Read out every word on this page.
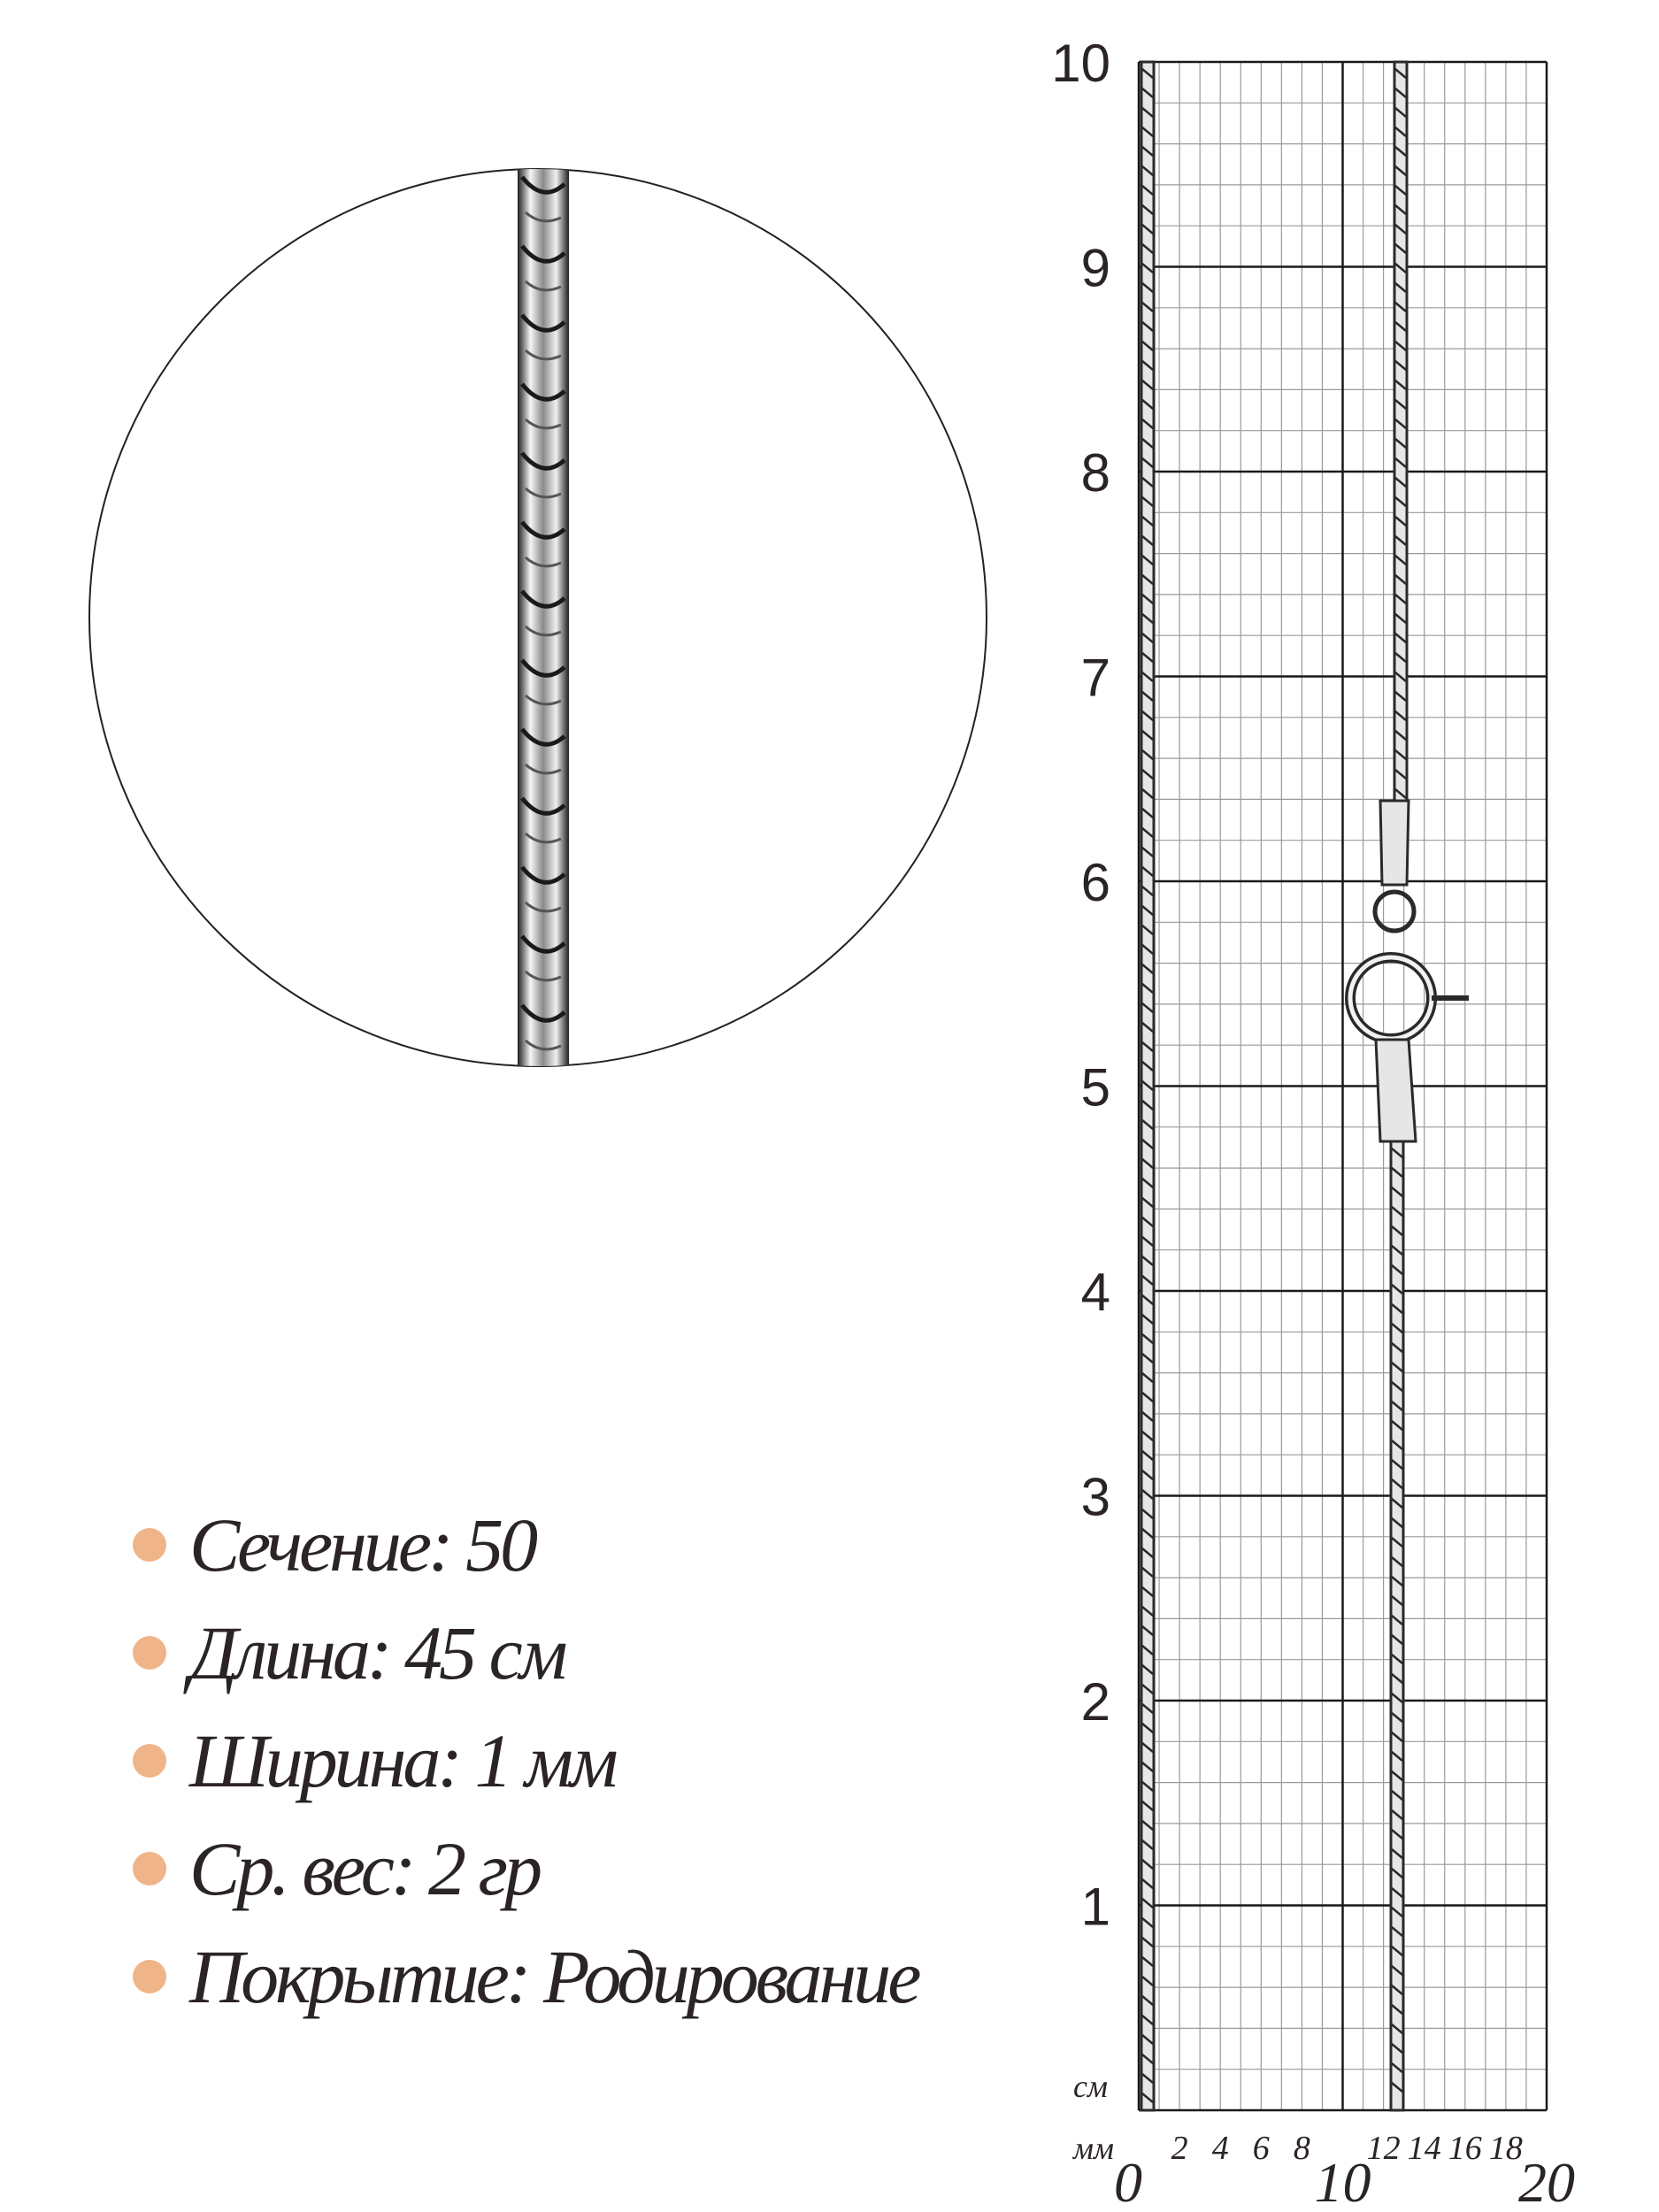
1
2
3
4
5
6
7
8
9
10
см
мм 2 4 6 8 12 14 16 18
0	10	20
Сечение: 50
Длина: 45 см
Ширина: 1 мм
Ср. вес: 2 гр
Покрытие: Родирование
